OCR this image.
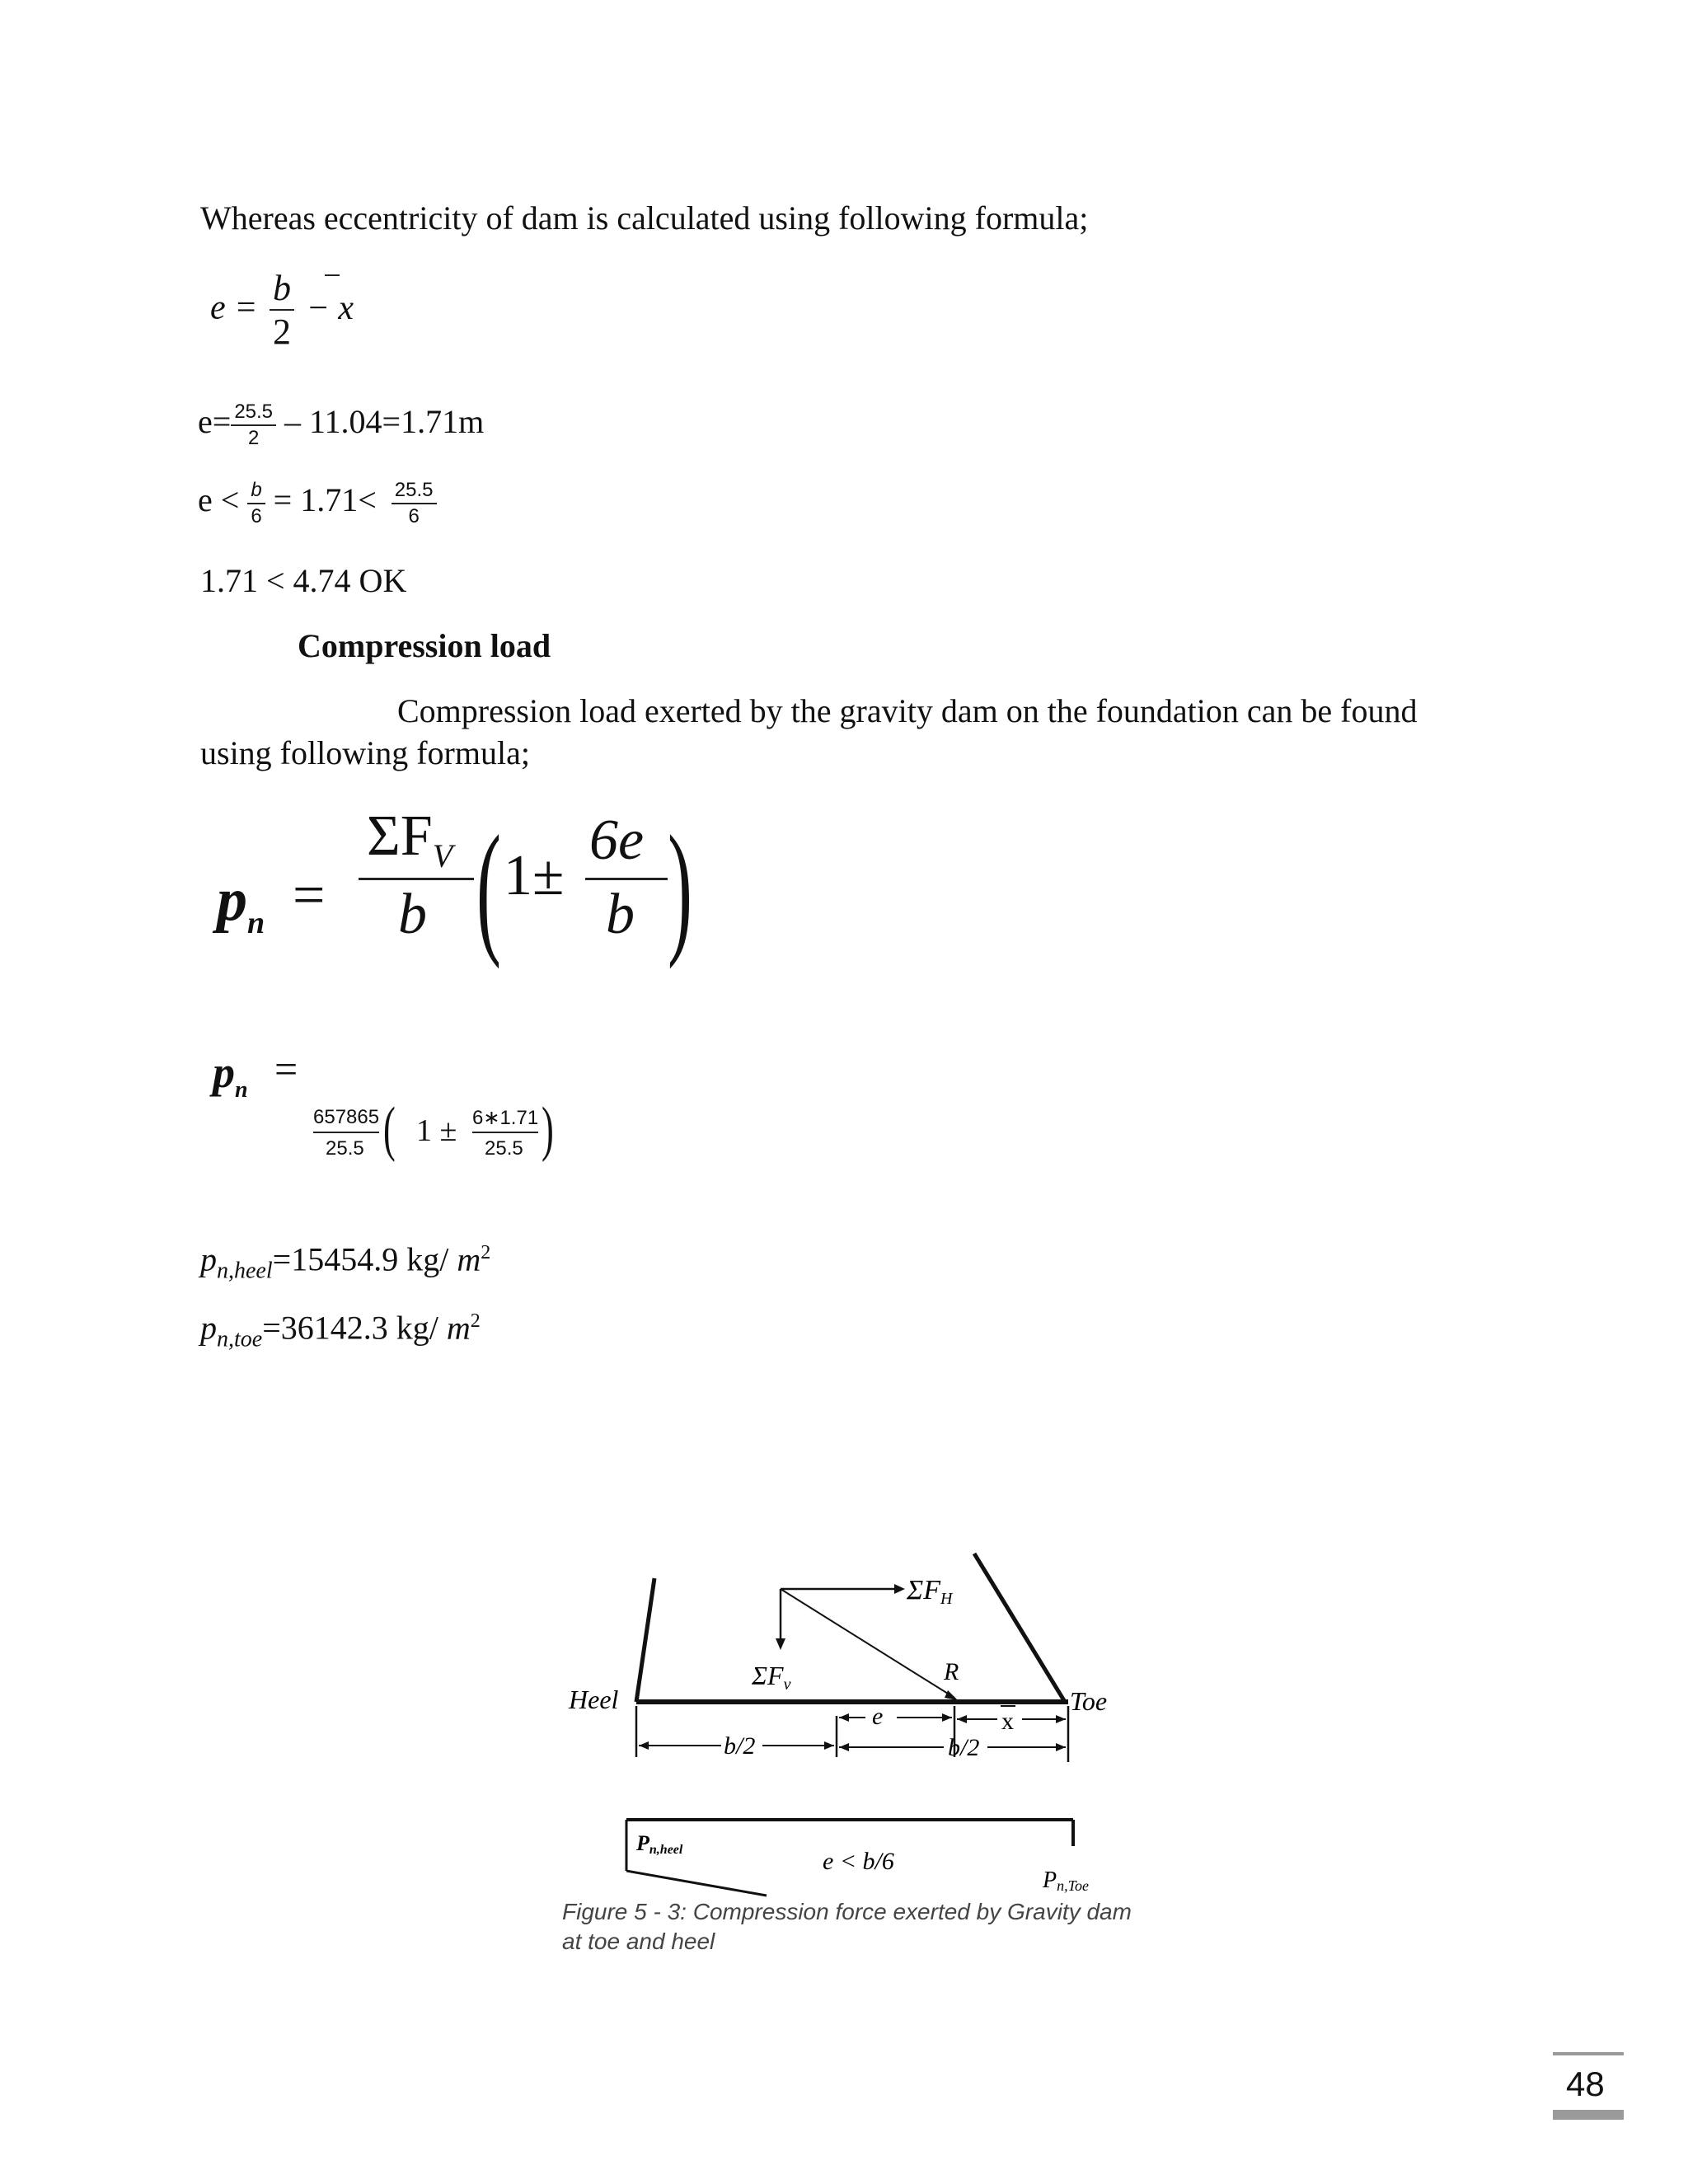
Whereas eccentricity of dam is calculated using following formula;
$e = \frac{b}{2} - x$
$e= \frac{25.5}{2} - 11.04=1.71m$
$e < \frac{b}{6} = 1.71< \frac{25.5}{6}$
1.71 < 4.74 OK
Compression load
Compression load exerted by the gravity dam on the foundation can be found
using following formula;
$p_n$ =
$\Sigma F_V$
b ( 1±
6e
b )
$p_n$ =
657865
25.5 ( 1 ± 6∗1.71
25.5 )
$p_{n,heel}=15454.9$ kg/ $m^2$
$p_{n,toe}=36142.3$ kg/ $m^2$
ΣFH
ΣFv	R
Heel	Toe
e	x
b/2	b/2
Pn,heel	e < b/6
Pn,Toe
Figure 5 - 3: Compression force exerted by Gravity dam
at toe and heel
48
